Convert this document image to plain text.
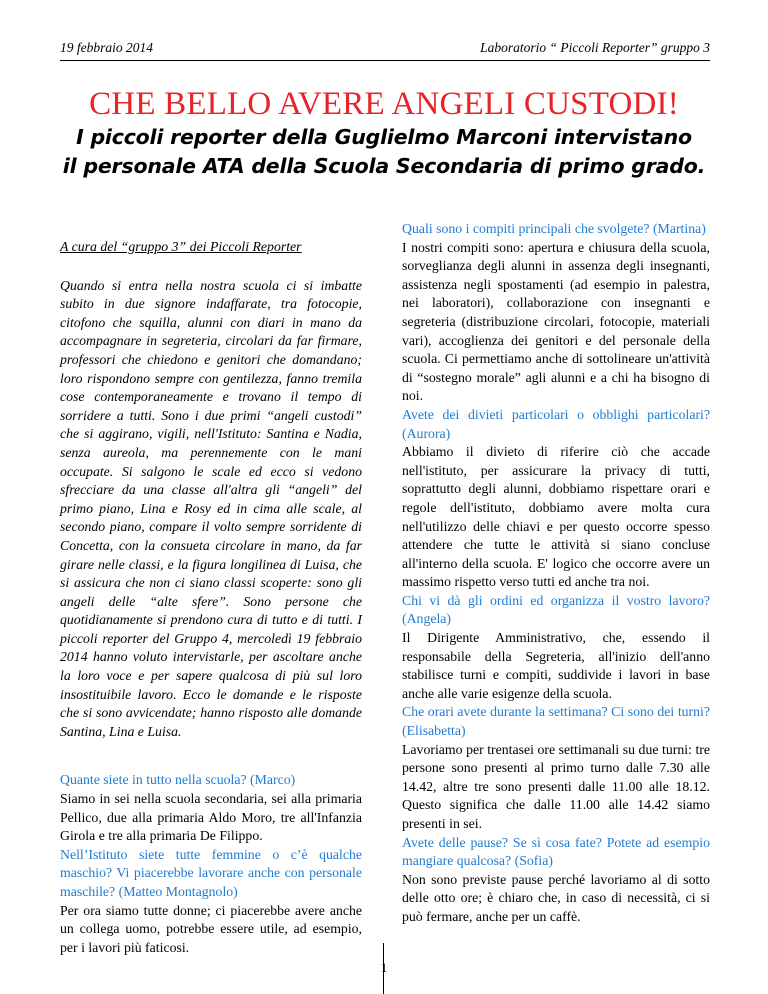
19 febbraio 2014	Laboratorio “ Piccoli Reporter” gruppo 3
CHE BELLO AVERE ANGELI CUSTODI!
I piccoli reporter della Guglielmo Marconi intervistano
il personale ATA della Scuola Secondaria di primo grado.

A cura del “gruppo 3” dei Piccoli Reporter

Quando si entra nella nostra scuola ci si imbatte subito in due signore indaffarate, tra fotocopie, citofono che squilla, alunni con diari in mano da accompagnare in segreteria, circolari da far firmare, professori che chiedono e genitori che domandano; loro rispondono sempre con gentilezza, fanno tremila cose contemporaneamente e trovano il tempo di sorridere a tutti. Sono i due primi “angeli custodi” che si aggirano, vigili, nell'Istituto: Santina e Nadia, senza aureola, ma perennemente con le mani occupate. Si salgono le scale ed ecco si vedono sfrecciare da una classe all'altra gli “angeli” del primo piano, Lina e Rosy ed in cima alle scale, al secondo piano, compare il volto sempre sorridente di Concetta, con la consueta circolare in mano, da far girare nelle classi, e la figura longilinea di Luisa, che si assicura che non ci siano classi scoperte: sono gli angeli delle “alte sfere”. Sono persone che quotidianamente si prendono cura di tutto e di tutti. I piccoli reporter del Gruppo 4, mercoledì 19 febbraio 2014 hanno voluto intervistarle, per ascoltare anche la loro voce e per sapere qualcosa di più sul loro insostituibile lavoro. Ecco le domande e le risposte che si sono avvicendate; hanno risposto alle domande Santina, Lina e Luisa.

Quante siete in tutto nella scuola? (Marco)

Siamo in sei nella scuola secondaria, sei alla primaria Pellico, due alla primaria Aldo Moro, tre all'Infanzia Girola e tre alla primaria De Filippo.

Nell’Istituto siete tutte femmine o c’è qualche maschio? Vi piacerebbe lavorare anche con personale maschile? (Matteo Montagnolo)

Per ora siamo tutte donne; ci piacerebbe avere anche un collega uomo, potrebbe essere utile, ad esempio, per i lavori più faticosi.

Quali sono i compiti principali che svolgete? (Martina)

I nostri compiti sono: apertura e chiusura della scuola, sorveglianza degli alunni in assenza degli insegnanti, assistenza negli spostamenti (ad esempio in palestra, nei laboratori), collaborazione con insegnanti e segreteria (distribuzione circolari, fotocopie, materiali vari), accoglienza dei genitori e del personale della scuola. Ci permettiamo anche di sottolineare un'attività di “sostegno morale” agli alunni e a chi ha bisogno di noi.

Avete dei divieti particolari o obblighi particolari? (Aurora)

Abbiamo il divieto di riferire ciò che accade nell'istituto, per assicurare la privacy di tutti, soprattutto degli alunni, dobbiamo rispettare orari e regole dell'istituto, dobbiamo avere molta cura nell'utilizzo delle chiavi e per questo occorre spesso attendere che tutte le attività si siano concluse all'interno della scuola. E' logico che occorre avere un massimo rispetto verso tutti ed anche tra noi.

Chi vi dà gli ordini ed organizza il vostro lavoro? (Angela)

Il Dirigente Amministrativo, che, essendo il responsabile della Segreteria, all'inizio dell'anno stabilisce turni e compiti, suddivide i lavori in base anche alle varie esigenze della scuola.

Che orari avete durante la settimana? Ci sono dei turni? (Elisabetta)

Lavoriamo per trentasei ore settimanali su due turni: tre persone sono presenti al primo turno dalle 7.30 alle 14.42, altre tre sono presenti dalle 11.00 alle 18.12. Questo significa che dalle 11.00 alle 14.42 siamo presenti in sei.

Avete delle pause? Se sì cosa fate? Potete ad esempio mangiare qualcosa? (Sofia)

Non sono previste pause perché lavoriamo al di sotto delle otto ore; è chiaro che, in caso di necessità, ci si può fermare, anche per un caffè.

1
